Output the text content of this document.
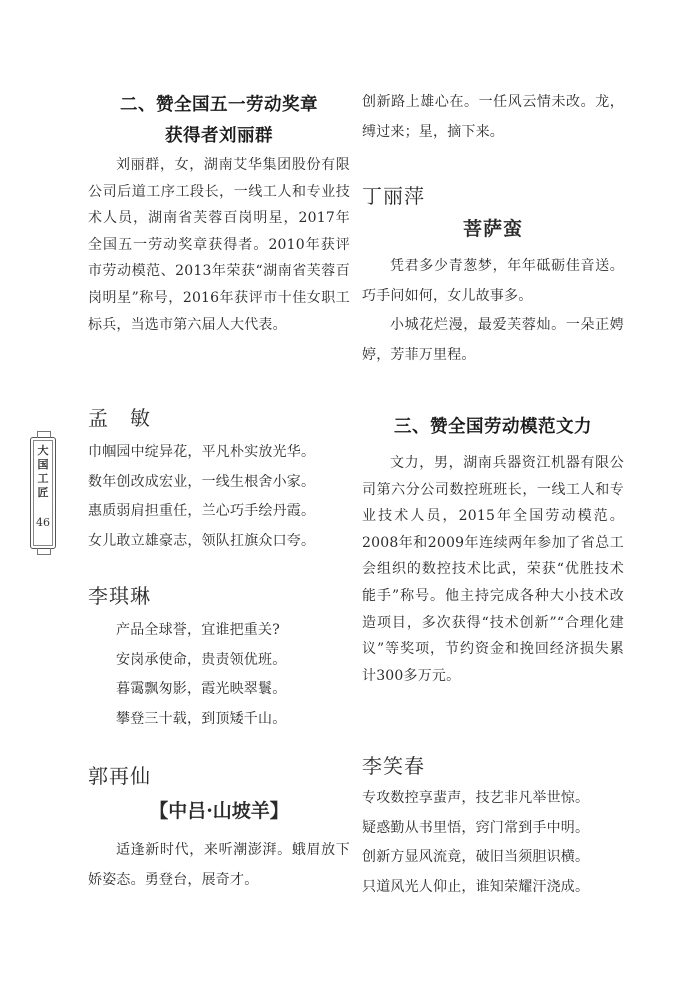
大
国
工
匠
46
二、赞全国五一劳动奖章
获得者刘丽群

刘丽群，女，湖南艾华集团股份有限公司后道工序工段长，一线工人和专业技术人员，湖南省芙蓉百岗明星，2017年全国五一劳动奖章获得者。2010年获评市劳动模范、2013年荣获“湖南省芙蓉百岗明星”称号，2016年获评市十佳女职工标兵，当选市第六届人大代表。

孟　敏
巾帼园中绽异花，平凡朴实放光华。
数年创改成宏业，一线生根舍小家。
惠质弱肩担重任，兰心巧手绘丹霞。
女儿敢立雄豪志，领队扛旗众口夸。
李琪琳
产品全球誉，宜谁把重关?
安岗承使命，贵责领优班。
暮霭飘匆影，霞光映翠鬟。
攀登三十载，到顶矮千山。
郭再仙
【中吕·山坡羊】

适逢新时代，来听潮澎湃。蛾眉放下娇姿态。勇登台，展奇才。

创新路上雄心在。一任风云情未改。龙，缚过来；星，摘下来。

丁丽萍
菩萨蛮

凭君多少青葱梦，年年砥砺佳音送。巧手问如何，女儿故事多。

小城花烂漫，最爱芙蓉灿。一朵正娉婷，芳菲万里程。

三、赞全国劳动模范文力

文力，男，湖南兵器资江机器有限公司第六分公司数控班班长，一线工人和专业技术人员，2015年全国劳动模范。2008年和2009年连续两年参加了省总工会组织的数控技术比武，荣获“优胜技术能手”称号。他主持完成各种大小技术改造项目，多次获得“技术创新”“合理化建议”等奖项，节约资金和挽回经济损失累计300多万元。

李笑春
专攻数控享蜚声，技艺非凡举世惊。
疑惑勤从书里悟，窍门常到手中明。
创新方显风流竟，破旧当须胆识横。
只道风光人仰止，谁知荣耀汗浇成。
